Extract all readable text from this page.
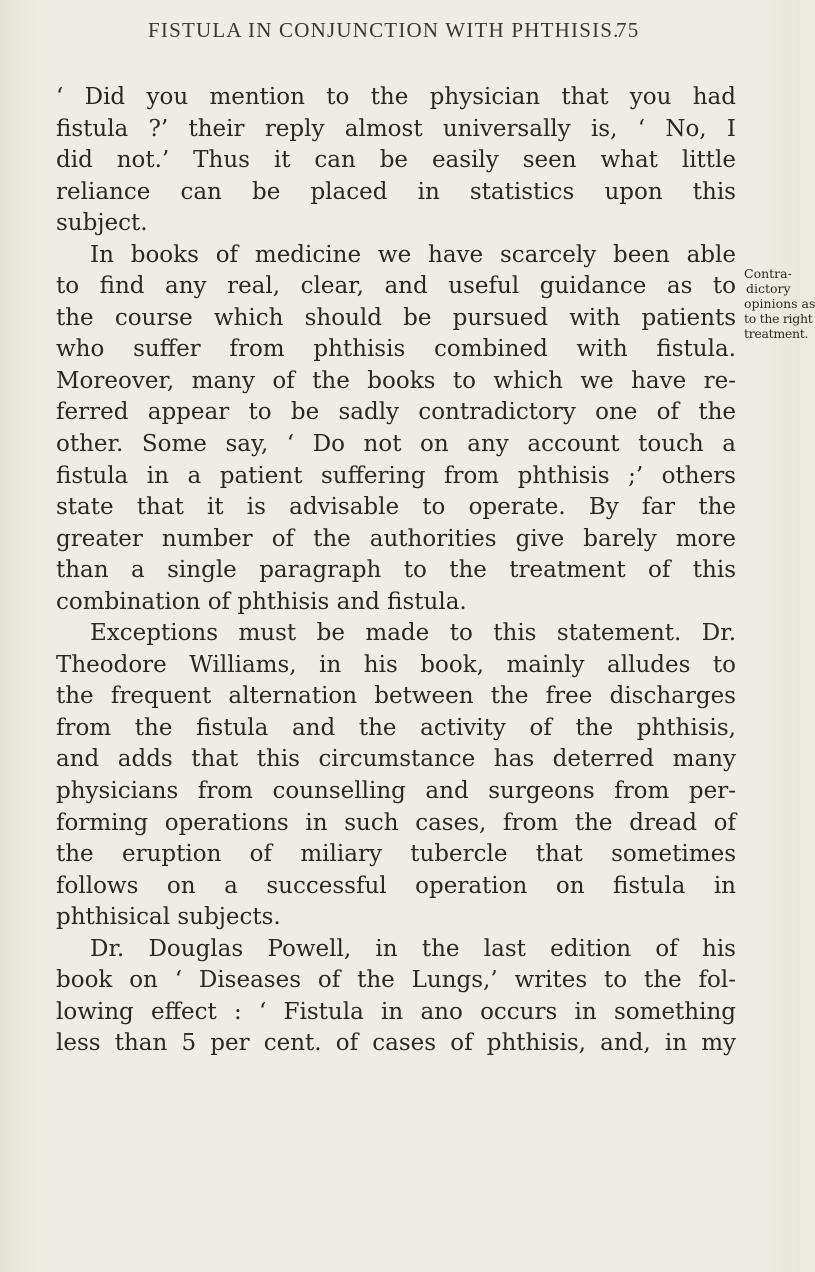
FISTULA IN CONJUNCTION WITH PHTHISIS.
75
‘ Did you mention to the physician that you had
fistula ?’ their reply almost universally is, ‘ No, I
did not.’ Thus it can be easily seen what little
reliance can be placed in statistics upon this
subject.
In books of medicine we have scarcely been able
to find any real, clear, and useful guidance as to
the course which should be pursued with patients
who suffer from phthisis combined with fistula.
Moreover, many of the books to which we have re-
ferred appear to be sadly contradictory one of the
other. Some say, ‘ Do not on any account touch a
fistula in a patient suffering from phthisis ;’ others
state that it is advisable to operate. By far the
greater number of the authorities give barely more
than a single paragraph to the treatment of this
combination of phthisis and fistula.
Exceptions must be made to this statement. Dr.
Theodore Williams, in his book, mainly alludes to
the frequent alternation between the free discharges
from the fistula and the activity of the phthisis,
and adds that this circumstance has deterred many
physicians from counselling and surgeons from per-
forming operations in such cases, from the dread of
the eruption of miliary tubercle that sometimes
follows on a successful operation on fistula in
phthisical subjects.
Dr. Douglas Powell, in the last edition of his
book on ‘ Diseases of the Lungs,’ writes to the fol-
lowing effect : ‘ Fistula in ano occurs in something
less than 5 per cent. of cases of phthisis, and, in my
Contra-
dictory
opinions as
to the right
treatment.
